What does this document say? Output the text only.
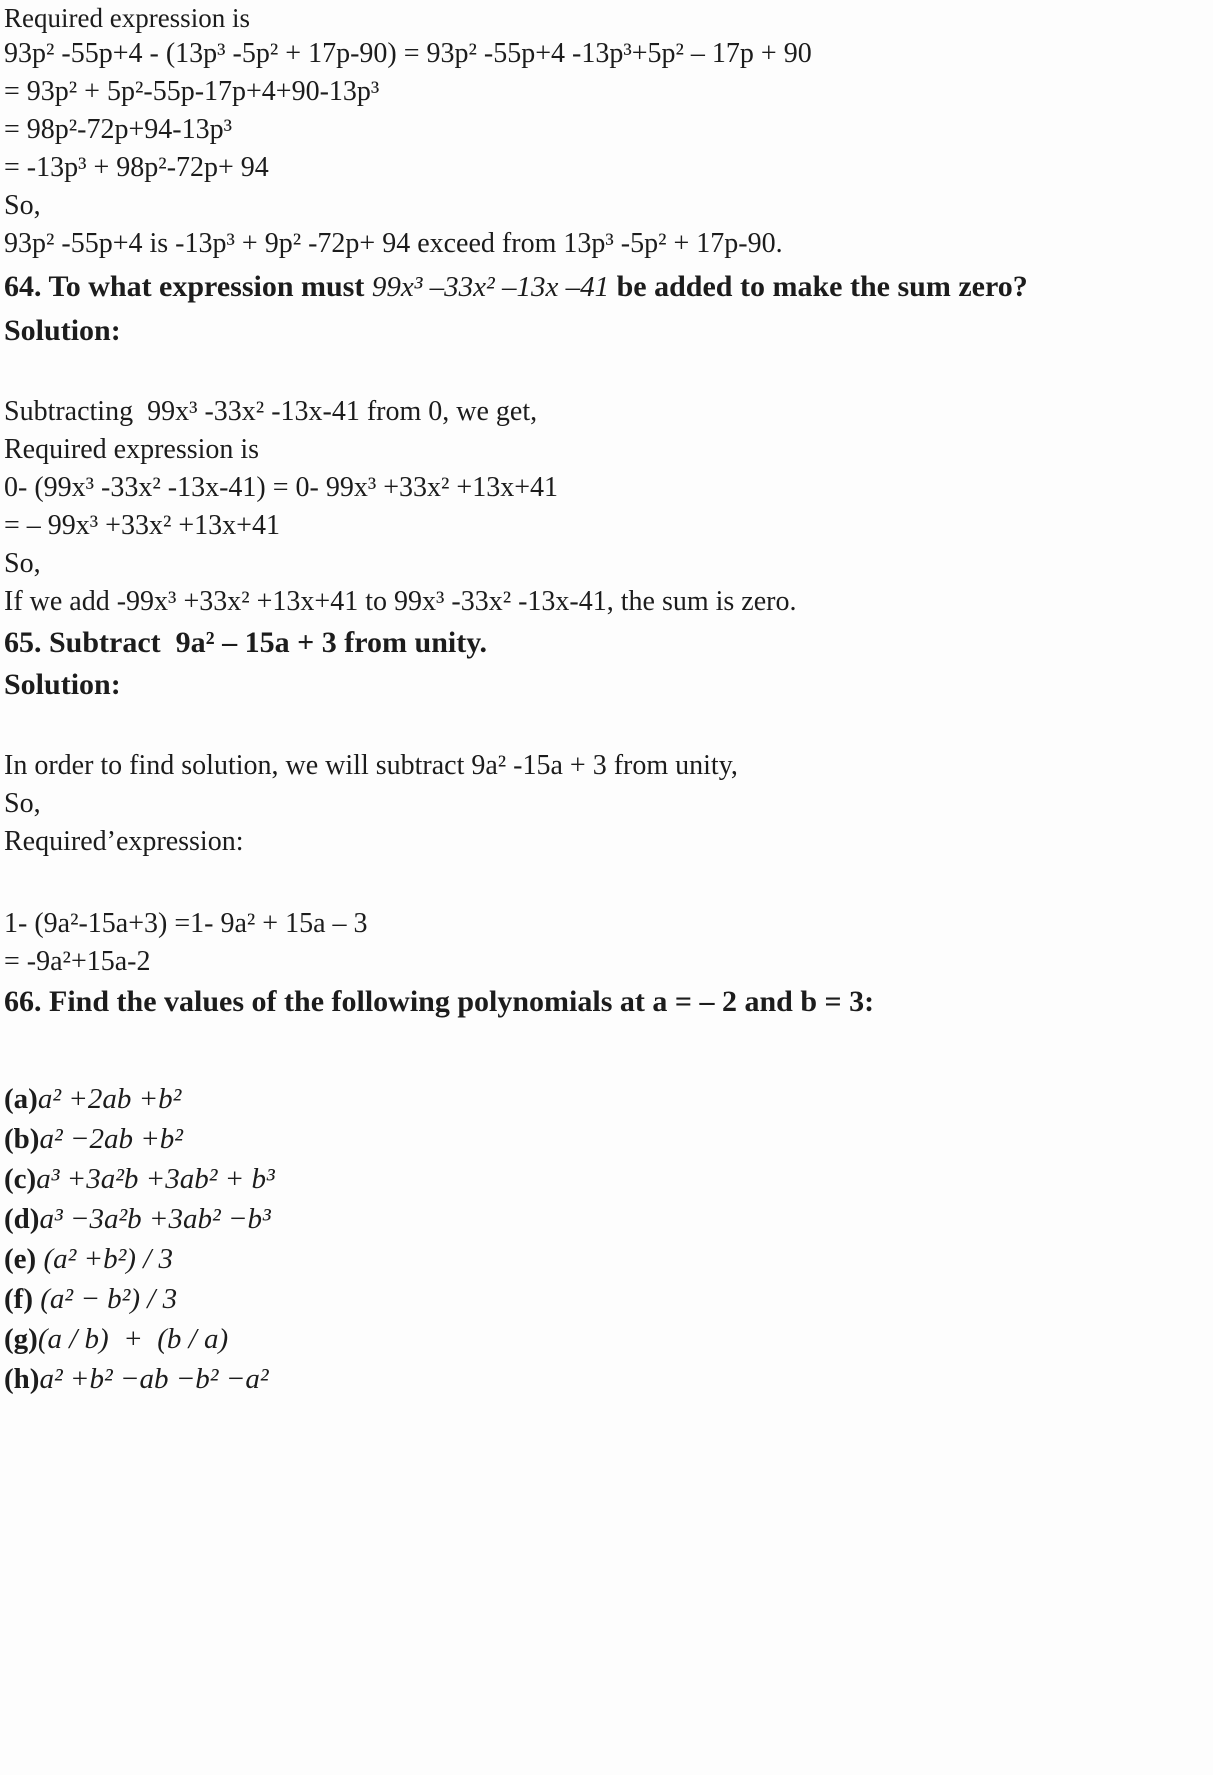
Required expression is

93p² -55p+4 - (13p³ -5p² + 17p-90) = 93p² -55p+4 -13p³+5p² – 17p + 90

= 93p² + 5p²-55p-17p+4+90-13p³

= 98p²-72p+94-13p³

= -13p³ + 98p²-72p+ 94

So,

93p² -55p+4 is -13p³ + 9p² -72p+ 94 exceed from 13p³ -5p² + 17p-90.

64. To what expression must 99x³ –33x² –13x –41 be added to make the sum zero?

Solution:

Subtracting  99x³ -33x² -13x-41 from 0, we get,

Required expression is

0- (99x³ -33x² -13x-41) = 0- 99x³ +33x² +13x+41

= – 99x³ +33x² +13x+41

So,

If we add -99x³ +33x² +13x+41 to 99x³ -33x² -13x-41, the sum is zero.

65. Subtract  9a² – 15a + 3 from unity.

Solution:

In order to find solution, we will subtract 9a² -15a + 3 from unity,

So,

Required’expression:

1- (9a²-15a+3) =1- 9a² + 15a – 3

= -9a²+15a-2

66. Find the values of the following polynomials at a = – 2 and b = 3:

(a)a² +2ab +b²

(b)a² −2ab +b²

(c)a³ +3a²b +3ab² + b³

(d)a³ −3a²b +3ab² −b³

(e) (a² +b²) / 3

(f) (a² − b²) / 3

(g)(a / b)  +  (b / a)

(h)a² +b² −ab −b² −a²
